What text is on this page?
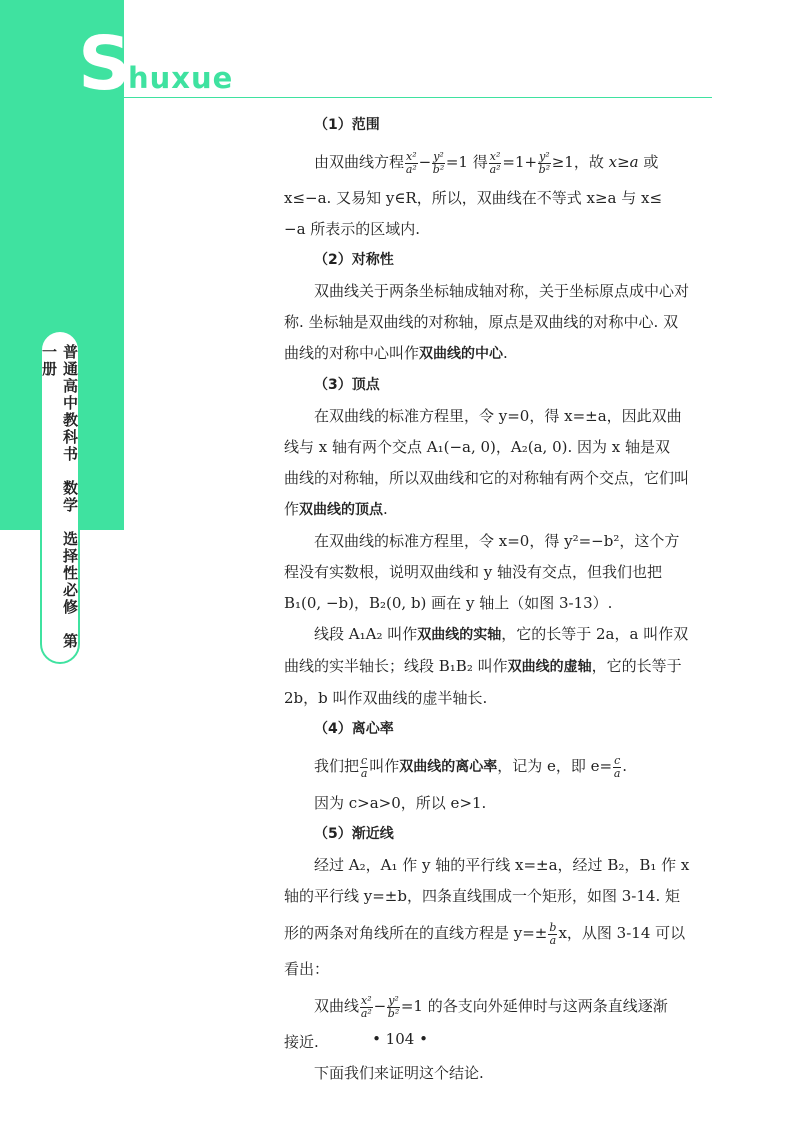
S
huxue
普通高中教科书　数学　选择性必修　第一册
（1）范围
由双曲线方程 $\frac{\text{x²}}{\text{a²}} - \frac{\text{y²}}{\text{b²}} =1$ 得 $\frac{\text{x²}}{\text{a²}} =1+ \frac{\text{y²}}{\text{b²}} \ge 1$，故 x≥a 或
x≤−a. 又易知 y∈R，所以，双曲线在不等式 x≥a 与 x≤
−a 所表示的区域内.
（2）对称性
双曲线关于两条坐标轴成轴对称，关于坐标原点成中心对
称. 坐标轴是双曲线的对称轴，原点是双曲线的对称中心. 双
曲线的对称中心叫作双曲线的中心.
（3）顶点
在双曲线的标准方程里，令 y=0，得 x=±a，因此双曲
线与 x 轴有两个交点 A₁(−a, 0)，A₂(a, 0). 因为 x 轴是双
曲线的对称轴，所以双曲线和它的对称轴有两个交点，它们叫
作双曲线的顶点.
在双曲线的标准方程里，令 x=0，得 y²=−b²，这个方
程没有实数根，说明双曲线和 y 轴没有交点，但我们也把
B₁(0, −b)，B₂(0, b) 画在 y 轴上（如图 3-13）.
线段 A₁A₂ 叫作双曲线的实轴，它的长等于 2a，a 叫作双
曲线的实半轴长；线段 B₁B₂ 叫作双曲线的虚轴，它的长等于
2b，b 叫作双曲线的虚半轴长.
（4）离心率
我们把 $\frac{c}{a}$ 叫作双曲线的离心率，记为 e，即 $e= \frac{c}{a}$ .
因为 c>a>0，所以 e>1.
（5）渐近线
经过 A₂，A₁ 作 y 轴的平行线 x=±a，经过 B₂，B₁ 作 x
轴的平行线 y=±b，四条直线围成一个矩形，如图 3-14. 矩
形的两条对角线所在的直线方程是 $y=\pm \frac{b}{a}$ x，从图 3-14 可以
看出：
双曲线 $\frac{\text{x²}}{\text{a²}} - \frac{\text{y²}}{\text{b²}} =1$ 的各支向外延伸时与这两条直线逐渐
接近.
下面我们来证明这个结论.
• 104 •
